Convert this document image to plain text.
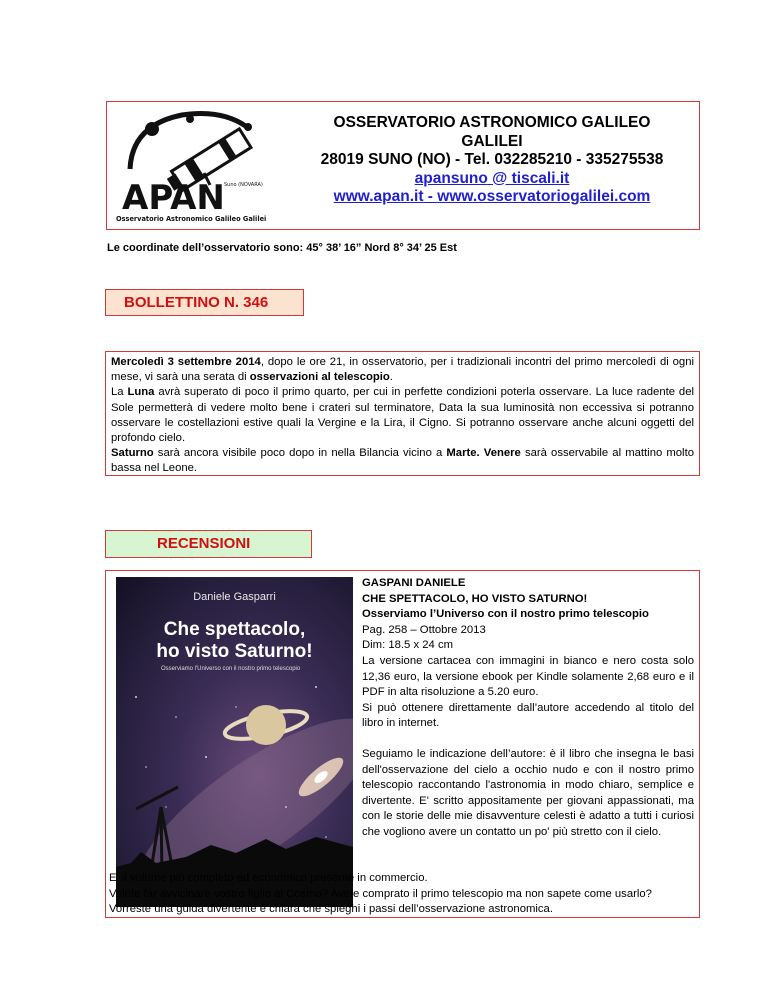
APAN Suno (NOVARA)
Osservatorio Astronomico Galileo Galilei
OSSERVATORIO ASTRONOMICO GALILEO
GALILEI
28019 SUNO (NO) - Tel. 032285210 - 335275538
apansuno @ tiscali.it
www.apan.it - www.osservatoriogalilei.com
Le coordinate dell’osservatorio sono: 45° 38’ 16” Nord 8° 34’ 25 Est
BOLLETTINO N. 346

Mercoledì 3 settembre 2014, dopo le ore 21, in osservatorio, per i tradizionali incontri del primo mercoledì di ogni mese, vi sarà una serata di osservazioni al telescopio.

La Luna avrà superato di poco il primo quarto, per cui in perfette condizioni poterla osservare. La luce radente del Sole permetterà di vedere molto bene i crateri sul terminatore, Data la sua luminosità non eccessiva si potranno osservare le costellazioni estive quali la Vergine e la Lira, il Cigno. Si potranno osservare anche alcuni oggetti del profondo cielo.

Saturno sarà ancora visibile poco dopo in nella Bilancia vicino a Marte. Venere sarà osservabile al mattino molto bassa nel Leone.

RECENSIONI
Daniele Gasparri
Che spettacolo,
ho visto Saturno!
Osserviamo l'Universo con il nostro primo telescopio

GASPANI DANIELE

CHE SPETTACOLO, HO VISTO SATURNO!

Osserviamo l’Universo con il nostro primo telescopio

Pag. 258 – Ottobre 2013

Dim: 18.5 x 24 cm

La versione cartacea con immagini in bianco e nero costa solo 12,36 euro, la versione ebook per Kindle solamente 2,68 euro e il PDF in alta risoluzione a 5.20 euro.

Si può ottenere direttamente dall’autore accedendo al titolo del libro in internet.

Seguiamo le indicazione dell’autore: è il libro che insegna le basi dell'osservazione del cielo a occhio nudo e con il nostro primo telescopio raccontando l'astronomia in modo chiaro, semplice e divertente. E' scritto appositamente per giovani appassionati, ma con le storie delle mie disavventure celesti è adatto a tutti i curiosi che vogliono avere un contatto un po' più stretto con il cielo.

E' il volume più completo ed economico presente in commercio.

Volete far avvicinare vostro figlio al Cosmo? Avete comprato il primo telescopio ma non sapete come usarlo? Vorreste una guida divertente e chiara che spieghi i passi dell’osservazione astronomica.
